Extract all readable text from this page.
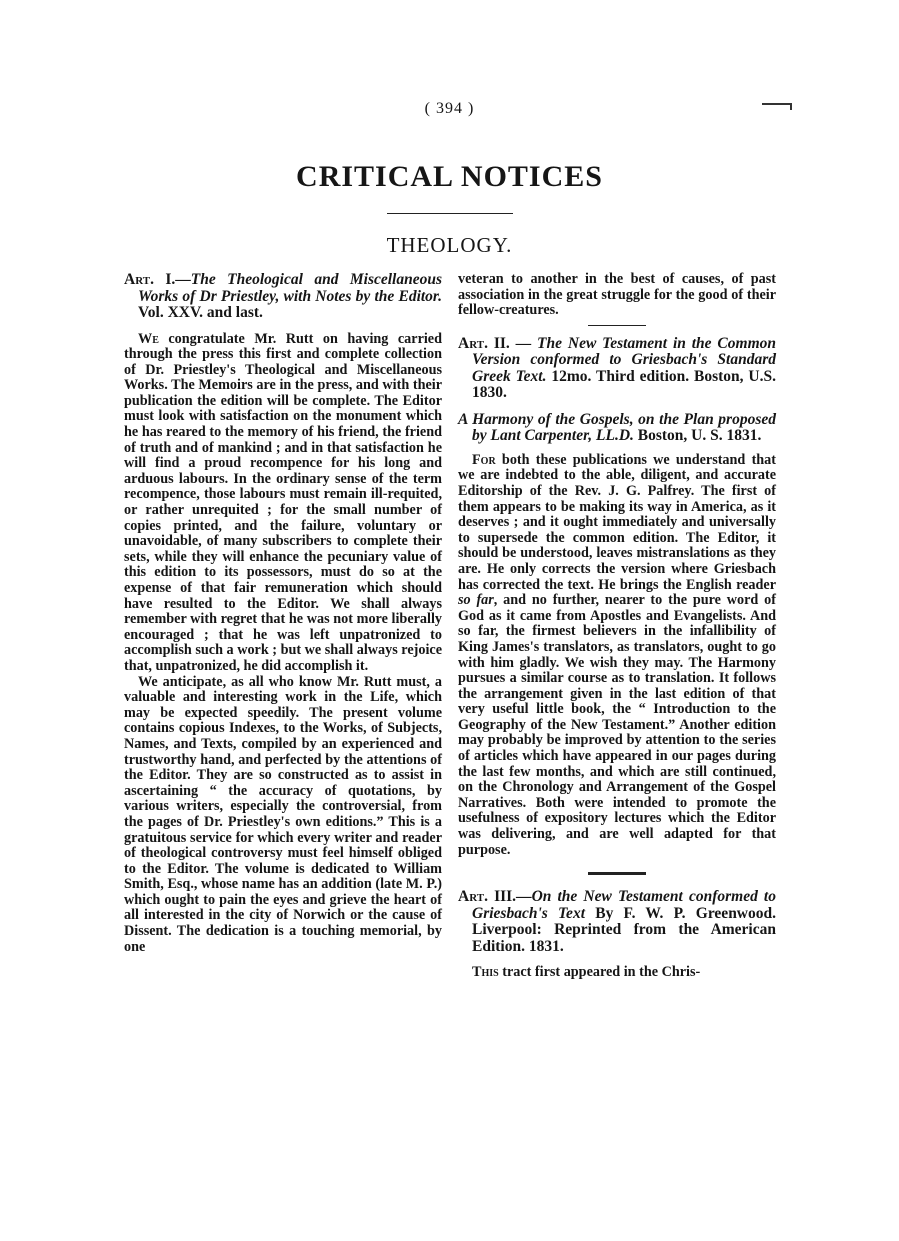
( 394 )
CRITICAL NOTICES
THEOLOGY.
Art. I.—The Theological and Miscellaneous Works of Dr Priestley, with Notes by the Editor. Vol. XXV. and last.

We congratulate Mr. Rutt on having carried through the press this first and complete collection of Dr. Priestley's Theological and Miscellaneous Works. The Memoirs are in the press, and with their publication the edition will be complete. The Editor must look with satisfaction on the monument which he has reared to the memory of his friend, the friend of truth and of mankind ; and in that satisfaction he will find a proud recompence for his long and arduous labours. In the ordinary sense of the term recompence, those labours must remain ill-requited, or rather unrequited ; for the small number of copies printed, and the failure, voluntary or unavoidable, of many subscribers to complete their sets, while they will enhance the pecuniary value of this edition to its possessors, must do so at the expense of that fair remuneration which should have resulted to the Editor. We shall always remember with regret that he was not more liberally encouraged ; that he was left unpatronized to accomplish such a work ; but we shall always rejoice that, unpatronized, he did accomplish it.

We anticipate, as all who know Mr. Rutt must, a valuable and interesting work in the Life, which may be expected speedily. The present volume contains copious Indexes, to the Works, of Subjects, Names, and Texts, compiled by an experienced and trustworthy hand, and perfected by the attentions of the Editor. They are so constructed as to assist in ascertaining “ the accuracy of quotations, by various writers, especially the controversial, from the pages of Dr. Priestley's own editions.” This is a gratuitous service for which every writer and reader of theological controversy must feel himself obliged to the Editor. The volume is dedicated to William Smith, Esq., whose name has an addition (late M. P.) which ought to pain the eyes and grieve the heart of all interested in the city of Norwich or the cause of Dissent. The dedication is a touching memorial, by one

veteran to another in the best of causes, of past association in the great struggle for the good of their fellow-creatures.

Art. II. — The New Testament in the Common Version conformed to Griesbach's Standard Greek Text. 12mo. Third edition. Boston, U.S. 1830.
A Harmony of the Gospels, on the Plan proposed by Lant Carpenter, LL.D. Boston, U. S. 1831.

For both these publications we understand that we are indebted to the able, diligent, and accurate Editorship of the Rev. J. G. Palfrey. The first of them appears to be making its way in America, as it deserves ; and it ought immediately and universally to supersede the common edition. The Editor, it should be understood, leaves mistranslations as they are. He only corrects the version where Griesbach has corrected the text. He brings the English reader so far, and no further, nearer to the pure word of God as it came from Apostles and Evangelists. And so far, the firmest believers in the infallibility of King James's translators, as translators, ought to go with him gladly. We wish they may. The Harmony pursues a similar course as to translation. It follows the arrangement given in the last edition of that very useful little book, the “ Introduction to the Geography of the New Testament.” Another edition may probably be improved by attention to the series of articles which have appeared in our pages during the last few months, and which are still continued, on the Chronology and Arrangement of the Gospel Narratives. Both were intended to promote the usefulness of expository lectures which the Editor was delivering, and are well adapted for that purpose.

Art. III.—On the New Testament conformed to Griesbach's Text By F. W. P. Greenwood. Liverpool: Reprinted from the American Edition. 1831.

This tract first appeared in the Chris-
